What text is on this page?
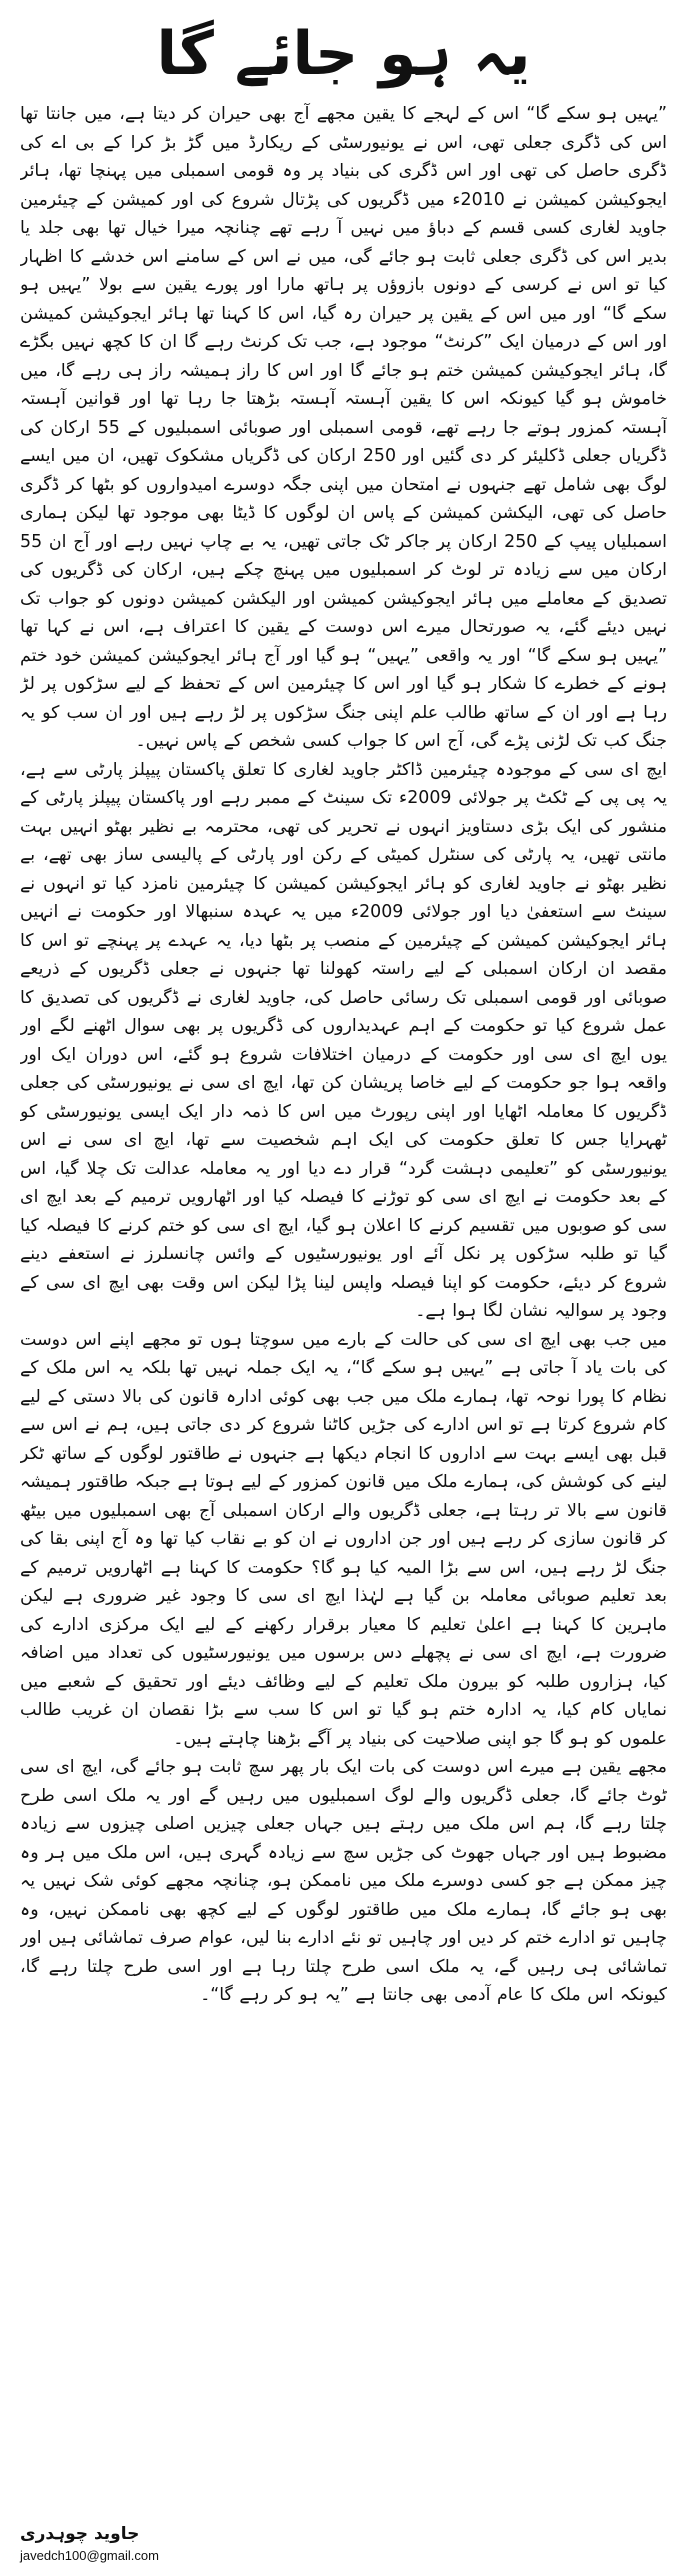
یہ ہو جائے گا

”یہیں ہو سکے گا“ اس کے لہجے کا یقین مجھے آج بھی حیران کر دیتا ہے، میں جانتا تھا اس کی ڈگری جعلی تھی، اس نے یونیورسٹی کے ریکارڈ میں گڑ بڑ کرا کے بی اے کی ڈگری حاصل کی تھی اور اس ڈگری کی بنیاد پر وہ قومی اسمبلی میں پہنچا تھا، ہائر ایجوکیشن کمیشن نے 2010ء میں ڈگریوں کی پڑتال شروع کی اور کمیشن کے چیئرمین جاوید لغاری کسی قسم کے دباؤ میں نہیں آ رہے تھے چنانچہ میرا خیال تھا بھی جلد یا بدیر اس کی ڈگری جعلی ثابت ہو جائے گی، میں نے اس کے سامنے اس خدشے کا اظہار کیا تو اس نے کرسی کے دونوں بازوؤں پر ہاتھ مارا اور پورے یقین سے بولا ”یہیں ہو سکے گا“ اور میں اس کے یقین پر حیران رہ گیا، اس کا کہنا تھا ہائر ایجوکیشن کمیشن اور اس کے درمیان ایک ”کرنٹ“ موجود ہے، جب تک کرنٹ رہے گا ان کا کچھ نہیں بگڑے گا، ہائر ایجوکیشن کمیشن ختم ہو جائے گا اور اس کا راز ہمیشہ راز ہی رہے گا، میں خاموش ہو گیا کیونکہ اس کا یقین آہستہ آہستہ بڑھتا جا رہا تھا اور قوانین آہستہ آہستہ کمزور ہوتے جا رہے تھے، قومی اسمبلی اور صوبائی اسمبلیوں کے 55 ارکان کی ڈگریاں جعلی ڈکلیئر کر دی گئیں اور 250 ارکان کی ڈگریاں مشکوک تھیں، ان میں ایسے لوگ بھی شامل تھے جنہوں نے امتحان میں اپنی جگہ دوسرے امیدواروں کو بٹھا کر ڈگری حاصل کی تھی، الیکشن کمیشن کے پاس ان لوگوں کا ڈیٹا بھی موجود تھا لیکن ہماری اسمبلیاں پیپ کے 250 ارکان پر جاکر ٹک جاتی تھیں، یہ بے چاپ نہیں رہے اور آج ان 55 ارکان میں سے زیادہ تر لوٹ کر اسمبلیوں میں پہنچ چکے ہیں، ارکان کی ڈگریوں کی تصدیق کے معاملے میں ہائر ایجوکیشن کمیشن اور الیکشن کمیشن دونوں کو جواب تک نہیں دیئے گئے، یہ صورتحال میرے اس دوست کے یقین کا اعتراف ہے، اس نے کہا تھا ”یہیں ہو سکے گا“ اور یہ واقعی ”یہیں“ ہو گیا اور آج ہائر ایجوکیشن کمیشن خود ختم ہونے کے خطرے کا شکار ہو گیا اور اس کا چیئرمین اس کے تحفظ کے لیے سڑکوں پر لڑ رہا ہے اور ان کے ساتھ طالب علم اپنی جنگ سڑکوں پر لڑ رہے ہیں اور ان سب کو یہ جنگ کب تک لڑنی پڑے گی، آج اس کا جواب کسی شخص کے پاس نہیں۔

ایچ ای سی کے موجودہ چیئرمین ڈاکٹر جاوید لغاری کا تعلق پاکستان پیپلز پارٹی سے ہے، یہ پی پی کے ٹکٹ پر جولائی 2009ء تک سینٹ کے ممبر رہے اور پاکستان پیپلز پارٹی کے منشور کی ایک بڑی دستاویز انہوں نے تحریر کی تھی، محترمہ بے نظیر بھٹو انہیں بہت مانتی تھیں، یہ پارٹی کی سنٹرل کمیٹی کے رکن اور پارٹی کے پالیسی ساز بھی تھے، بے نظیر بھٹو نے جاوید لغاری کو ہائر ایجوکیشن کمیشن کا چیئرمین نامزد کیا تو انہوں نے سینٹ سے استعفیٰ دیا اور جولائی 2009ء میں یہ عہدہ سنبھالا اور حکومت نے انہیں ہائر ایجوکیشن کمیشن کے چیئرمین کے منصب پر بٹھا دیا، یہ عہدے پر پہنچے تو اس کا مقصد ان ارکان اسمبلی کے لیے راستہ کھولنا تھا جنہوں نے جعلی ڈگریوں کے ذریعے صوبائی اور قومی اسمبلی تک رسائی حاصل کی، جاوید لغاری نے ڈگریوں کی تصدیق کا عمل شروع کیا تو حکومت کے اہم عہدیداروں کی ڈگریوں پر بھی سوال اٹھنے لگے اور یوں ایچ ای سی اور حکومت کے درمیان اختلافات شروع ہو گئے، اس دوران ایک اور واقعہ ہوا جو حکومت کے لیے خاصا پریشان کن تھا، ایچ ای سی نے یونیورسٹی کی جعلی ڈگریوں کا معاملہ اٹھایا اور اپنی رپورٹ میں اس کا ذمہ دار ایک ایسی یونیورسٹی کو ٹھہرایا جس کا تعلق حکومت کی ایک اہم شخصیت سے تھا، ایچ ای سی نے اس یونیورسٹی کو ”تعلیمی دہشت گرد“ قرار دے دیا اور یہ معاملہ عدالت تک چلا گیا، اس کے بعد حکومت نے ایچ ای سی کو توڑنے کا فیصلہ کیا اور اٹھارویں ترمیم کے بعد ایچ ای سی کو صوبوں میں تقسیم کرنے کا اعلان ہو گیا، ایچ ای سی کو ختم کرنے کا فیصلہ کیا گیا تو طلبہ سڑکوں پر نکل آئے اور یونیورسٹیوں کے وائس چانسلرز نے استعفے دینے شروع کر دیئے، حکومت کو اپنا فیصلہ واپس لینا پڑا لیکن اس وقت بھی ایچ ای سی کے وجود پر سوالیہ نشان لگا ہوا ہے۔

میں جب بھی ایچ ای سی کی حالت کے بارے میں سوچتا ہوں تو مجھے اپنے اس دوست کی بات یاد آ جاتی ہے ”یہیں ہو سکے گا“، یہ ایک جملہ نہیں تھا بلکہ یہ اس ملک کے نظام کا پورا نوحہ تھا، ہمارے ملک میں جب بھی کوئی ادارہ قانون کی بالا دستی کے لیے کام شروع کرتا ہے تو اس ادارے کی جڑیں کاٹنا شروع کر دی جاتی ہیں، ہم نے اس سے قبل بھی ایسے بہت سے اداروں کا انجام دیکھا ہے جنہوں نے طاقتور لوگوں کے ساتھ ٹکر لینے کی کوشش کی، ہمارے ملک میں قانون کمزور کے لیے ہوتا ہے جبکہ طاقتور ہمیشہ قانون سے بالا تر رہتا ہے، جعلی ڈگریوں والے ارکان اسمبلی آج بھی اسمبلیوں میں بیٹھ کر قانون سازی کر رہے ہیں اور جن اداروں نے ان کو بے نقاب کیا تھا وہ آج اپنی بقا کی جنگ لڑ رہے ہیں، اس سے بڑا المیہ کیا ہو گا؟ حکومت کا کہنا ہے اٹھارویں ترمیم کے بعد تعلیم صوبائی معاملہ بن گیا ہے لہٰذا ایچ ای سی کا وجود غیر ضروری ہے لیکن ماہرین کا کہنا ہے اعلیٰ تعلیم کا معیار برقرار رکھنے کے لیے ایک مرکزی ادارے کی ضرورت ہے، ایچ ای سی نے پچھلے دس برسوں میں یونیورسٹیوں کی تعداد میں اضافہ کیا، ہزاروں طلبہ کو بیرون ملک تعلیم کے لیے وظائف دیئے اور تحقیق کے شعبے میں نمایاں کام کیا، یہ ادارہ ختم ہو گیا تو اس کا سب سے بڑا نقصان ان غریب طالب علموں کو ہو گا جو اپنی صلاحیت کی بنیاد پر آگے بڑھنا چاہتے ہیں۔

مجھے یقین ہے میرے اس دوست کی بات ایک بار پھر سچ ثابت ہو جائے گی، ایچ ای سی ٹوٹ جائے گا، جعلی ڈگریوں والے لوگ اسمبلیوں میں رہیں گے اور یہ ملک اسی طرح چلتا رہے گا، ہم اس ملک میں رہتے ہیں جہاں جعلی چیزیں اصلی چیزوں سے زیادہ مضبوط ہیں اور جہاں جھوٹ کی جڑیں سچ سے زیادہ گہری ہیں، اس ملک میں ہر وہ چیز ممکن ہے جو کسی دوسرے ملک میں ناممکن ہو، چنانچہ مجھے کوئی شک نہیں یہ بھی ہو جائے گا، ہمارے ملک میں طاقتور لوگوں کے لیے کچھ بھی ناممکن نہیں، وہ چاہیں تو ادارے ختم کر دیں اور چاہیں تو نئے ادارے بنا لیں، عوام صرف تماشائی ہیں اور تماشائی ہی رہیں گے، یہ ملک اسی طرح چلتا رہا ہے اور اسی طرح چلتا رہے گا، کیونکہ اس ملک کا عام آدمی بھی جانتا ہے ”یہ ہو کر رہے گا“۔

جاوید چوہدری
javedch100@gmail.com
